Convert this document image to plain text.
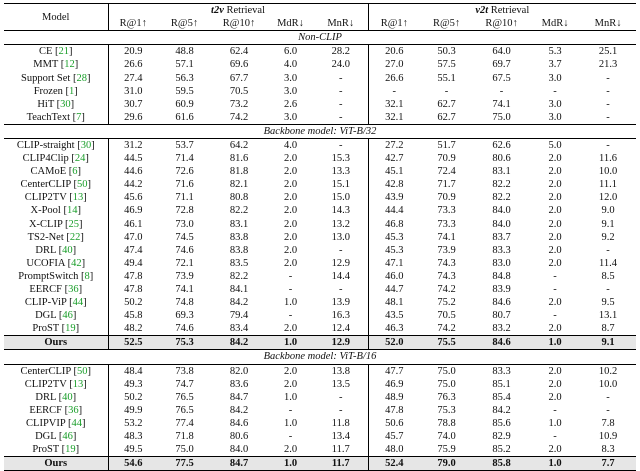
Model	t2v Retrieval					v2t Retrieval				
	R@1↑	R@5↑	R@10↑	MdR↓	MnR↓	R@1↑	R@5↑	R@10↑	MdR↓	MnR↓
Non-CLIP										
CE [21]	20.9	48.8	62.4	6.0	28.2	20.6	50.3	64.0	5.3	25.1
MMT [12]	26.6	57.1	69.6	4.0	24.0	27.0	57.5	69.7	3.7	21.3
Support Set [28]	27.4	56.3	67.7	3.0	-	26.6	55.1	67.5	3.0	-
Frozen [1]	31.0	59.5	70.5	3.0	-	-	-	-	-	-
HiT [30]	30.7	60.9	73.2	2.6	-	32.1	62.7	74.1	3.0	-
TeachText [7]	29.6	61.6	74.2	3.0	-	32.1	62.7	75.0	3.0	-
Backbone model: ViT-B/32										
CLIP-straight [30]	31.2	53.7	64.2	4.0	-	27.2	51.7	62.6	5.0	-
CLIP4Clip [24]	44.5	71.4	81.6	2.0	15.3	42.7	70.9	80.6	2.0	11.6
CAMoE [6]	44.6	72.6	81.8	2.0	13.3	45.1	72.4	83.1	2.0	10.0
CenterCLIP [50]	44.2	71.6	82.1	2.0	15.1	42.8	71.7	82.2	2.0	11.1
CLIP2TV [13]	45.6	71.1	80.8	2.0	15.0	43.9	70.9	82.2	2.0	12.0
X-Pool [14]	46.9	72.8	82.2	2.0	14.3	44.4	73.3	84.0	2.0	9.0
X-CLIP [25]	46.1	73.0	83.1	2.0	13.2	46.8	73.3	84.0	2.0	9.1
TS2-Net [22]	47.0	74.5	83.8	2.0	13.0	45.3	74.1	83.7	2.0	9.2
DRL [40]	47.4	74.6	83.8	2.0	-	45.3	73.9	83.3	2.0	-
UCOFIA [42]	49.4	72.1	83.5	2.0	12.9	47.1	74.3	83.0	2.0	11.4
PromptSwitch [8]	47.8	73.9	82.2	-	14.4	46.0	74.3	84.8	-	8.5
EERCF [36]	47.8	74.1	84.1	-	-	44.7	74.2	83.9	-	-
CLIP-ViP [44]	50.2	74.8	84.2	1.0	13.9	48.1	75.2	84.6	2.0	9.5
DGL [46]	45.8	69.3	79.4	-	16.3	43.5	70.5	80.7	-	13.1
ProST [19]	48.2	74.6	83.4	2.0	12.4	46.3	74.2	83.2	2.0	8.7
Ours	52.5	75.3	84.2	1.0	12.9	52.0	75.5	84.6	1.0	9.1
Backbone model: ViT-B/16										
CenterCLIP [50]	48.4	73.8	82.0	2.0	13.8	47.7	75.0	83.3	2.0	10.2
CLIP2TV [13]	49.3	74.7	83.6	2.0	13.5	46.9	75.0	85.1	2.0	10.0
DRL [40]	50.2	76.5	84.7	1.0	-	48.9	76.3	85.4	2.0	-
EERCF [36]	49.9	76.5	84.2	-	-	47.8	75.3	84.2	-	-
CLIPVIP [44]	53.2	77.4	84.6	1.0	11.8	50.6	78.8	85.6	1.0	7.8
DGL [46]	48.3	71.8	80.6	-	13.4	45.7	74.0	82.9	-	10.9
ProST [19]	49.5	75.0	84.0	2.0	11.7	48.0	75.9	85.2	2.0	8.3
Ours	54.6	77.5	84.7	1.0	11.7	52.4	79.0	85.8	1.0	7.7
